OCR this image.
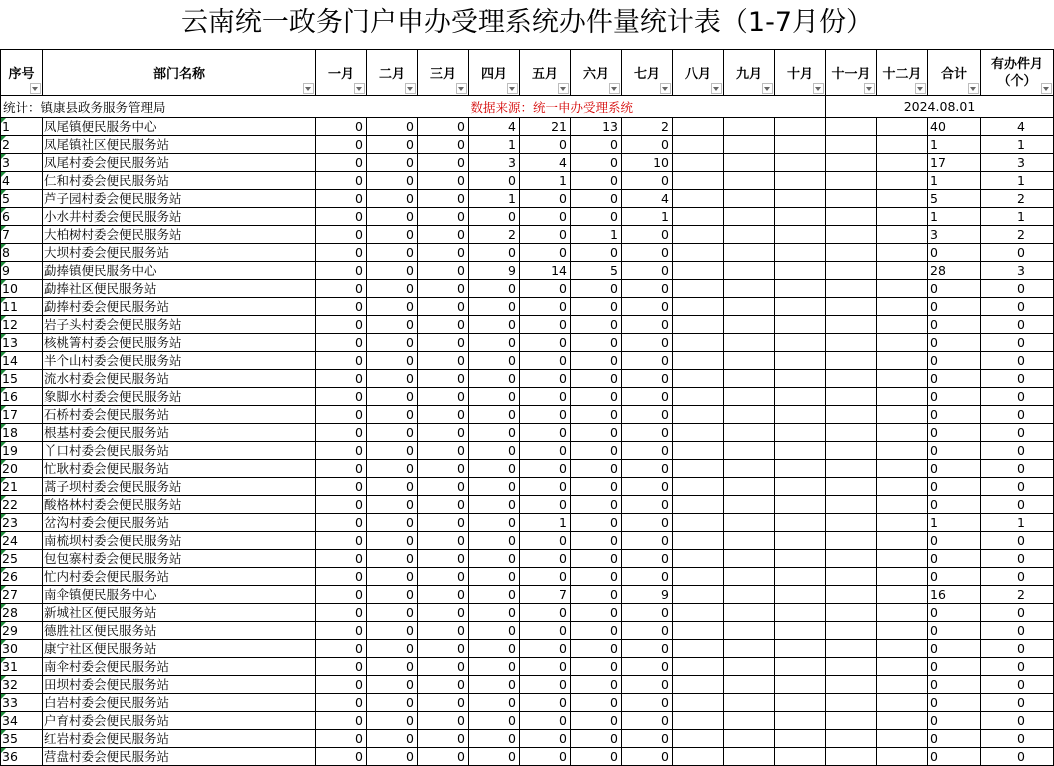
云南统一政务门户申办受理系统办件量统计表（1-7月份）
统计：镇康县政务服务管理局					数据来源：统一申办受理系统							2024.08.01			
序号	部门名称	一月	二月	三月	四月	五月	六月	七月	八月	九月	十月	十一月	十二月	合计	有办件月（个）

1	凤尾镇便民服务中心	0	0	0	4	21	13	2						40	4
2	凤尾镇社区便民服务站	0	0	0	1	0	0	0						1	1
3	凤尾村委会便民服务站	0	0	0	3	4	0	10						17	3
4	仁和村委会便民服务站	0	0	0	0	1	0	0						1	1
5	芦子园村委会便民服务站	0	0	0	1	0	0	4						5	2
6	小水井村委会便民服务站	0	0	0	0	0	0	1						1	1
7	大柏树村委会便民服务站	0	0	0	2	0	1	0						3	2
8	大坝村委会便民服务站	0	0	0	0	0	0	0						0	0
9	勐捧镇便民服务中心	0	0	0	9	14	5	0						28	3
10	勐捧社区便民服务站	0	0	0	0	0	0	0						0	0
11	勐捧村委会便民服务站	0	0	0	0	0	0	0						0	0
12	岩子头村委会便民服务站	0	0	0	0	0	0	0						0	0
13	核桃箐村委会便民服务站	0	0	0	0	0	0	0						0	0
14	半个山村委会便民服务站	0	0	0	0	0	0	0						0	0
15	流水村委会便民服务站	0	0	0	0	0	0	0						0	0
16	象脚水村委会便民服务站	0	0	0	0	0	0	0						0	0
17	石桥村委会便民服务站	0	0	0	0	0	0	0						0	0
18	根基村委会便民服务站	0	0	0	0	0	0	0						0	0
19	丫口村委会便民服务站	0	0	0	0	0	0	0						0	0
20	忙耿村委会便民服务站	0	0	0	0	0	0	0						0	0
21	蒿子坝村委会便民服务站	0	0	0	0	0	0	0						0	0
22	酸格林村委会便民服务站	0	0	0	0	0	0	0						0	0
23	岔沟村委会便民服务站	0	0	0	0	1	0	0						1	1
24	南梳坝村委会便民服务站	0	0	0	0	0	0	0						0	0
25	包包寨村委会便民服务站	0	0	0	0	0	0	0						0	0
26	忙内村委会便民服务站	0	0	0	0	0	0	0						0	0
27	南伞镇便民服务中心	0	0	0	0	7	0	9						16	2
28	新城社区便民服务站	0	0	0	0	0	0	0						0	0
29	德胜社区便民服务站	0	0	0	0	0	0	0						0	0
30	康宁社区便民服务站	0	0	0	0	0	0	0						0	0
31	南伞村委会便民服务站	0	0	0	0	0	0	0						0	0
32	田坝村委会便民服务站	0	0	0	0	0	0	0						0	0
33	白岩村委会便民服务站	0	0	0	0	0	0	0						0	0
34	户育村委会便民服务站	0	0	0	0	0	0	0						0	0
35	红岩村委会便民服务站	0	0	0	0	0	0	0						0	0
36	营盘村委会便民服务站	0	0	0	0	0	0	0						0	0
